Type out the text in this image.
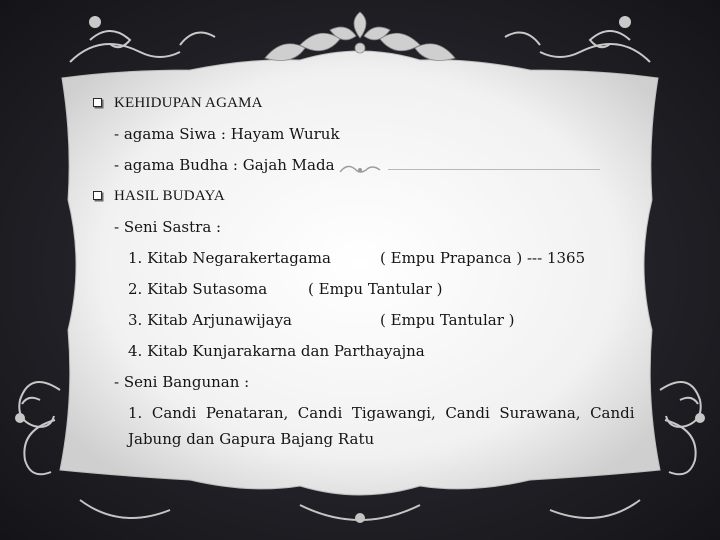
KEHIDUPAN AGAMA
- agama Siwa : Hayam Wuruk
- agama Budha : Gajah Mada
HASIL BUDAYA
- Seni Sastra :
1. Kitab Negarakertagama	( Empu Prapanca ) --- 1365
2. Kitab Sutasoma	( Empu Tantular )
3. Kitab Arjunawijaya	( Empu Tantular )
4. Kitab Kunjarakarna dan Parthayajna
- Seni Bangunan :
1.  Candi  Penataran,  Candi  Tigawangi,  Candi  Surawana,  Candi
Jabung dan Gapura Bajang Ratu
